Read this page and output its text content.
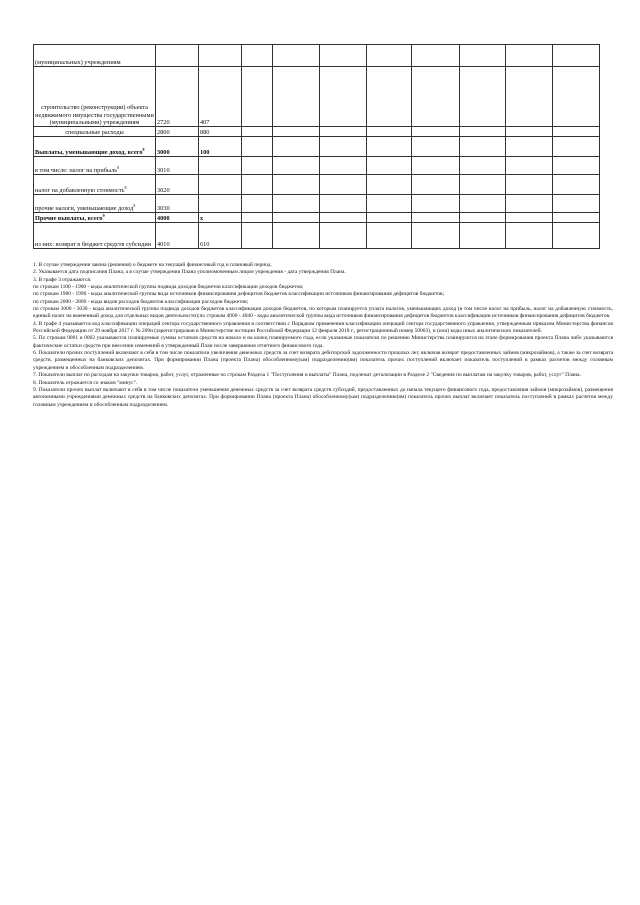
(муниципальных) учреждениям										
строительство (реконструкции) объекта недвижимого имущества государственными (муниципальными) учреждениям	2720	407								
специальные расходы	2800	880								
Выплаты, уменьшающие доход, всего$^8$	3000	100								
в том числе: налог на прибыль$^8$	3010									
налог на добавленную стоимость$^8$	3020									
прочие налоги, уменьшающие доход$^8$	3030									
Прочие выплаты, всего$^9$	4000	х								
из них: возврат в бюджет средств субсидии	4010	610								

1. В случае утверждения закона (решения) о бюджете на текущий финансовый год и плановый период.

2. Указывается дата подписания Плана, а в случае утверждения Плана уполномоченным лицом учреждения - дата утверждения Плана.

3. В графе 3 отражаются:

по строкам 1100 - 1900 - коды аналитической группы подвида доходов бюджетов классификации доходов бюджетов;

по строкам 1980 - 1990 - коды аналитической группы вида источников финансирования дефицитов бюджетов классификации источников финансирования дефицитов бюджетов;

по строкам 2000 - 2800 - коды видов расходов бюджетов классификации расходов бюджетов;

по строкам 3000 - 3030 - коды аналитической группы подвида доходов бюджетов классификации доходов бюджетов, по которым планируется уплата налогов, уменьшающих доход (в том числе налог на прибыль, налог на добавленную стоимость, единый налог на вмененный доход для отдельных видов деятельности);по строкам 4000 - 4040 - коды аналитической группы вида источников финансирования дефицитов бюджетов классификации источников финансирования дефицитов бюджетов.

4. В графе 4 указывается код классификации операций сектора государственного управления в соответствии с Порядком применения классификации операций сектора государственного управления, утвержденным приказом Министерства финансов Российской Федерации от 29 ноября 2017 г. № 209н (зарегистрирован в Министерстве юстиции Российской Федерации 12 февраля 2018 г., регистрационный номер 50003), и (или) коды иных аналитических показателей.

5. По строкам 0001 и 0002 указываются планируемые суммы остатков средств на начало и на конец планируемого года, если указанные показатели по решению Министерства планируются на этапе формирования проекта Плана либо указываются фактические остатки средств при внесении изменений в утвержденный План после завершения отчетного финансового года.

6. Показатели прочих поступлений включают в себя в том числе показатели увеличения денежных средств за счет возврата дебиторской задолженности прошлых лет, включая возврат предоставленных займов (микрозаймов), а также за счет возврата средств, размещенных на банковских депозитах. При формировании Плана (проекта Плана) обособленному(ым) подразделению(ям) показатель прочих поступлений включает показатель поступлений в рамках расчетов между головным учреждением и обособленным подразделением.

7. Показатели выплат по расходам на закупки товаров, работ, услуг, отраженные по строкам Раздела 1 "Поступления и выплаты" Плана, подлежат детализации в Разделе 2 "Сведения по выплатам на закупку товаров, работ, услуг" Плана.

8. Показатель отражается со знаком "минус".

9. Показатели прочих выплат включают в себя в том числе показатели уменьшения денежных средств за счет возврата средств субсидий, предоставленных до начала текущего финансового года, предоставления займов (микрозаймов), размещения автономными учреждениями денежных средств на банковских депозитах. При формировании Плана (проекта Плана) обособленному(ым) подразделению(ям) показатель прочих выплат включает показатель поступлений в рамках расчетов между головным учреждением и обособленным подразделением.

·
